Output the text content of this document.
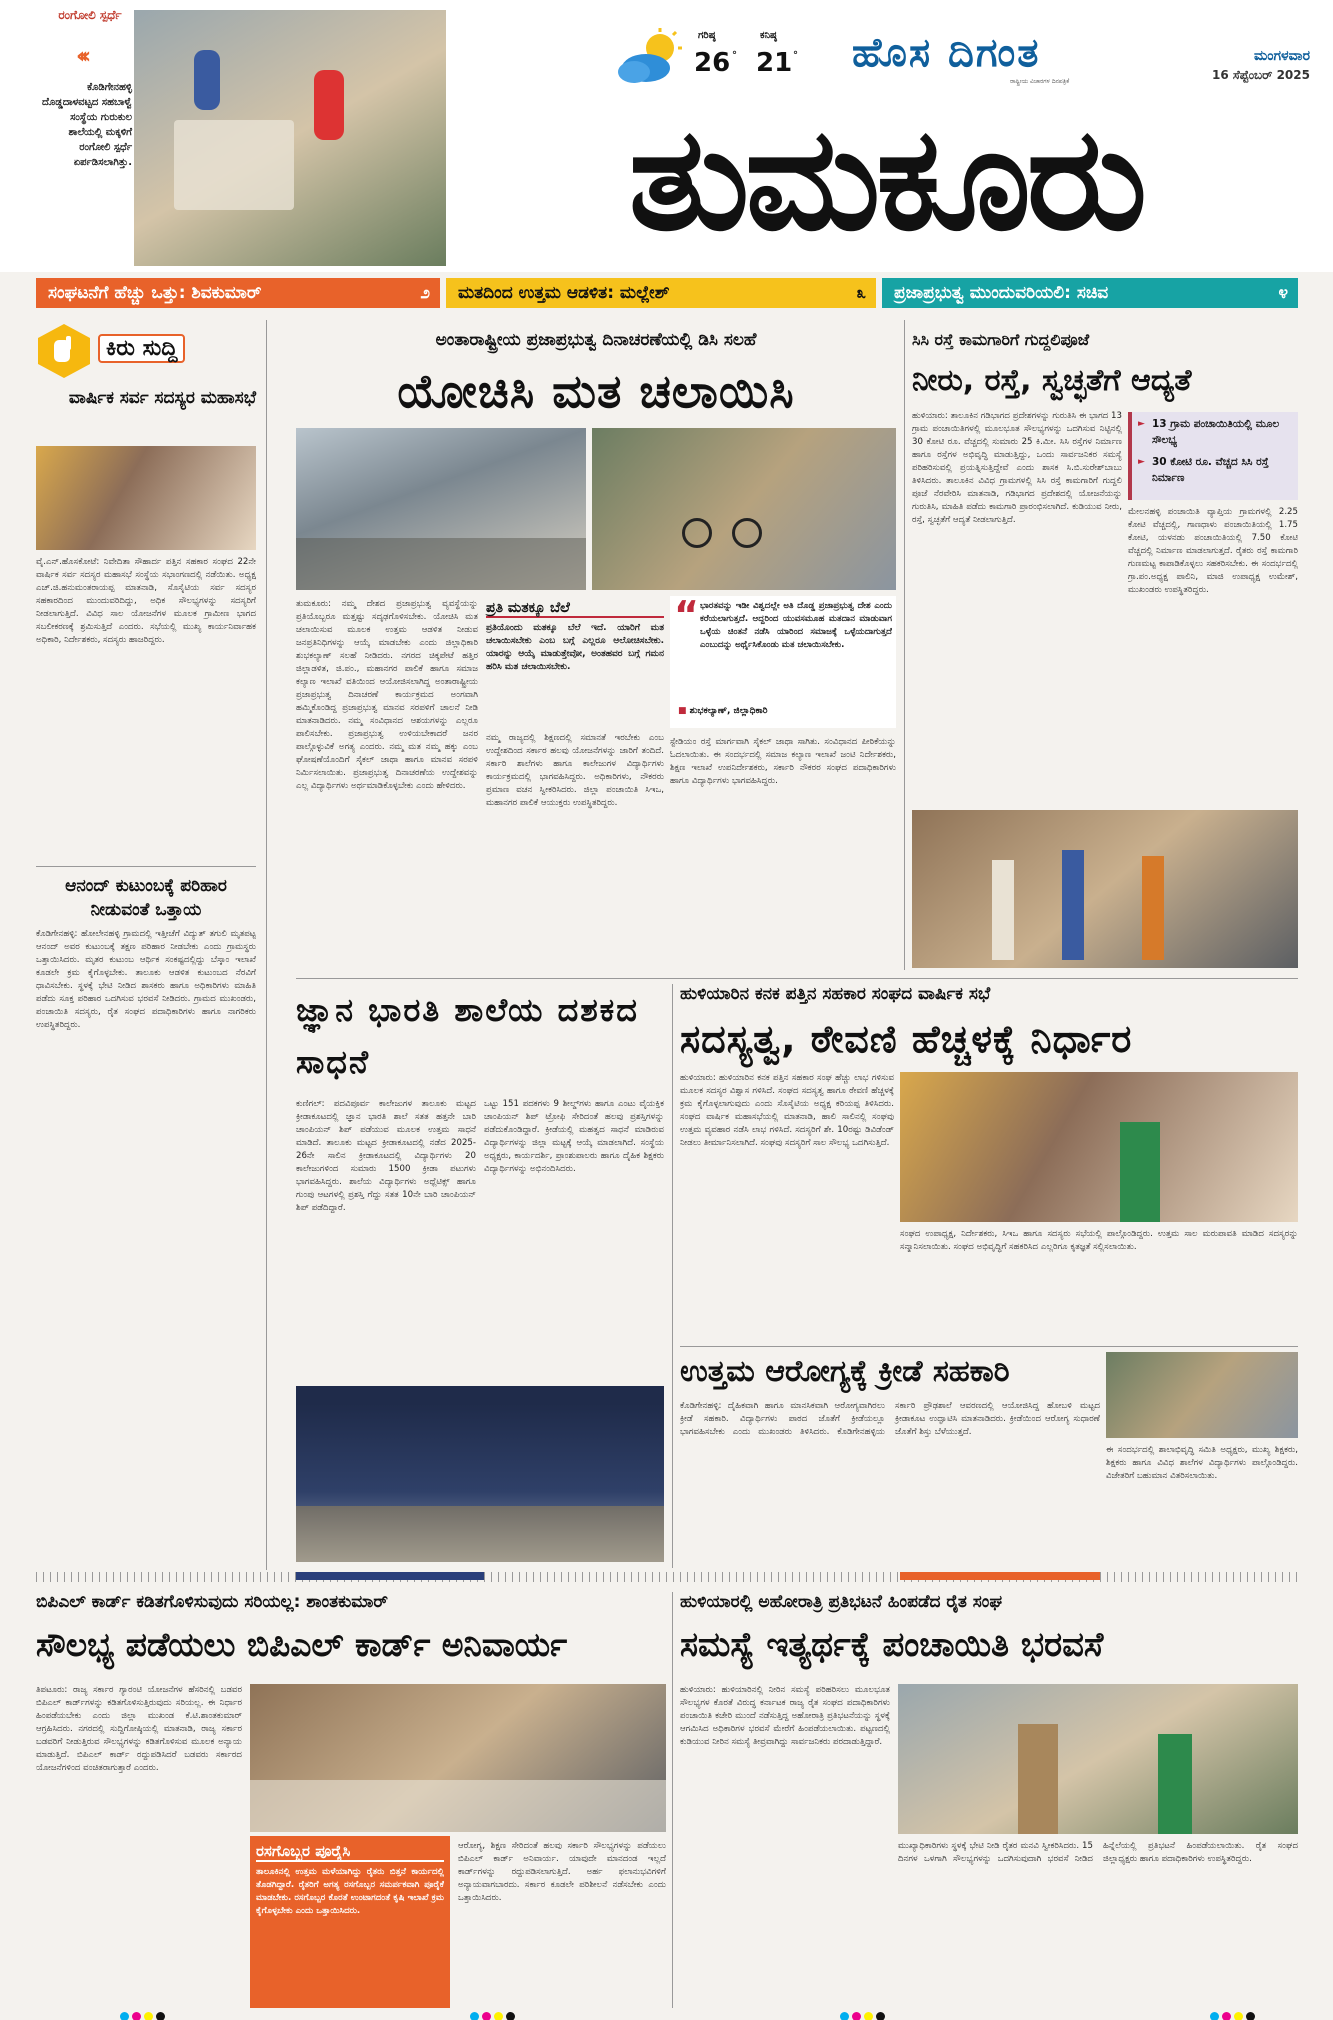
ರಂಗೋಲಿ ಸ್ಪರ್ಧೆ
‹‹‹
ಕೊಡಿಗೇನಹಳ್ಳಿ ದೊಡ್ಡದಾಳವಟ್ಟದ ಸಹಬಾಳ್ವೆ ಸಂಸ್ಥೆಯ ಗುರುಕುಲ ಶಾಲೆಯಲ್ಲಿ ಮಕ್ಕಳಿಗೆ ರಂಗೋಲಿ ಸ್ಪರ್ಧೆ ಏರ್ಪಡಿಸಲಾಗಿತ್ತು.
ಗರಿಷ್ಠ
26 °
ಕನಿಷ್ಠ
21 ° ಹೊಸ ದಿಗಂತ
ರಾಷ್ಟ್ರೀಯ ವಿಚಾರಗಳ ದಿನಪತ್ರಿಕೆ
ಮಂಗಳವಾರ
16 ಸೆಪ್ಟೆಂಬರ್ 2025
ತುಮಕೂರು
ಸಂಘಟನೆಗೆ ಹೆಚ್ಚು ಒತ್ತು: ಶಿವಕುಮಾರ್	೨ ಮತದಿಂದ ಉತ್ತಮ ಆಡಳಿತ: ಮಲ್ಲೇಶ್	೩ ಪ್ರಜಾಪ್ರಭುತ್ವ ಮುಂದುವರಿಯಲಿ: ಸಚಿವ	೪
ಕಿರು ಸುದ್ದಿ
ವಾರ್ಷಿಕ ಸರ್ವ ಸದಸ್ಯರ ಮಹಾಸಭೆ
ವೈ.ಎನ್.ಹೊಸಕೋಟೆ: ನಿವೇದಿತಾ ಸೌಹಾರ್ದ ಪತ್ತಿನ ಸಹಕಾರ ಸಂಘದ 22ನೇ ವಾರ್ಷಿಕ ಸರ್ವ ಸದಸ್ಯರ ಮಹಾಸಭೆ ಸಂಸ್ಥೆಯ ಸಭಾಂಗಣದಲ್ಲಿ ನಡೆಯಿತು. ಅಧ್ಯಕ್ಷ ಎಚ್.ಜಿ.ಹನುಮಂತರಾಯಪ್ಪ ಮಾತನಾಡಿ, ಸೊಸೈಟಿಯ ಸರ್ವ ಸದಸ್ಯರ ಸಹಕಾರದಿಂದ ಮುಂದುವರಿದಿದ್ದು, ಅಧಿಕ ಸೌಲಭ್ಯಗಳನ್ನು ಸದಸ್ಯರಿಗೆ ನೀಡಲಾಗುತ್ತಿದೆ. ವಿವಿಧ ಸಾಲ ಯೋಜನೆಗಳ ಮೂಲಕ ಗ್ರಾಮೀಣ ಭಾಗದ ಸಬಲೀಕರಣಕ್ಕೆ ಶ್ರಮಿಸುತ್ತಿದೆ ಎಂದರು. ಸಭೆಯಲ್ಲಿ ಮುಖ್ಯ ಕಾರ್ಯನಿರ್ವಾಹಕ ಅಧಿಕಾರಿ, ನಿರ್ದೇಶಕರು, ಸದಸ್ಯರು ಹಾಜರಿದ್ದರು.
ಆನಂದ್ ಕುಟುಂಬಕ್ಕೆ ಪರಿಹಾರ ನೀಡುವಂತೆ ಒತ್ತಾಯ
ಕೊಡಿಗೇನಹಳ್ಳಿ: ಹೋಲೇನಹಳ್ಳಿ ಗ್ರಾಮದಲ್ಲಿ ಇತ್ತೀಚೆಗೆ ವಿದ್ಯುತ್ ತಗುಲಿ ಮೃತಪಟ್ಟ ಆನಂದ್ ಅವರ ಕುಟುಂಬಕ್ಕೆ ತಕ್ಷಣ ಪರಿಹಾರ ನೀಡಬೇಕು ಎಂದು ಗ್ರಾಮಸ್ಥರು ಒತ್ತಾಯಿಸಿದರು. ಮೃತರ ಕುಟುಂಬ ಆರ್ಥಿಕ ಸಂಕಷ್ಟದಲ್ಲಿದ್ದು ಬೆಸ್ಕಾಂ ಇಲಾಖೆ ಕೂಡಲೇ ಕ್ರಮ ಕೈಗೊಳ್ಳಬೇಕು. ತಾಲೂಕು ಆಡಳಿತ ಕುಟುಂಬದ ನೆರವಿಗೆ ಧಾವಿಸಬೇಕು. ಸ್ಥಳಕ್ಕೆ ಭೇಟಿ ನೀಡಿದ ಶಾಸಕರು ಹಾಗೂ ಅಧಿಕಾರಿಗಳು ಮಾಹಿತಿ ಪಡೆದು ಸೂಕ್ತ ಪರಿಹಾರ ಒದಗಿಸುವ ಭರವಸೆ ನೀಡಿದರು. ಗ್ರಾಮದ ಮುಖಂಡರು, ಪಂಚಾಯಿತಿ ಸದಸ್ಯರು, ರೈತ ಸಂಘದ ಪದಾಧಿಕಾರಿಗಳು ಹಾಗೂ ನಾಗರಿಕರು ಉಪಸ್ಥಿತರಿದ್ದರು.
ಅಂತಾರಾಷ್ಟ್ರೀಯ ಪ್ರಜಾಪ್ರಭುತ್ವ ದಿನಾಚರಣೆಯಲ್ಲಿ ಡಿಸಿ ಸಲಹೆ
ಯೋಚಿಸಿ ಮತ ಚಲಾಯಿಸಿ
ತುಮಕೂರು: ನಮ್ಮ ದೇಶದ ಪ್ರಜಾಪ್ರಭುತ್ವ ವ್ಯವಸ್ಥೆಯನ್ನು ಪ್ರತಿಯೊಬ್ಬರೂ ಮತ್ತಷ್ಟು ಸದೃಢಗೊಳಿಸಬೇಕು. ಯೋಚಿಸಿ ಮತ ಚಲಾಯಿಸುವ ಮೂಲಕ ಉತ್ತಮ ಆಡಳಿತ ನೀಡುವ ಜನಪ್ರತಿನಿಧಿಗಳನ್ನು ಆಯ್ಕೆ ಮಾಡಬೇಕು ಎಂದು ಜಿಲ್ಲಾಧಿಕಾರಿ ಶುಭಕಲ್ಯಾಣ್ ಸಲಹೆ ನೀಡಿದರು. ನಗರದ ಚಿಕ್ಕಪೇಟೆ ಹತ್ತಿರ ಜಿಲ್ಲಾಡಳಿತ, ಜಿ.ಪಂ., ಮಹಾನಗರ ಪಾಲಿಕೆ ಹಾಗೂ ಸಮಾಜ ಕಲ್ಯಾಣ ಇಲಾಖೆ ವತಿಯಿಂದ ಆಯೋಜಿಸಲಾಗಿದ್ದ ಅಂತಾರಾಷ್ಟ್ರೀಯ ಪ್ರಜಾಪ್ರಭುತ್ವ ದಿನಾಚರಣೆ ಕಾರ್ಯಕ್ರಮದ ಅಂಗವಾಗಿ ಹಮ್ಮಿಕೊಂಡಿದ್ದ ಪ್ರಜಾಪ್ರಭುತ್ವ ಮಾನವ ಸರಪಳಿಗೆ ಚಾಲನೆ ನೀಡಿ ಮಾತನಾಡಿದರು. ನಮ್ಮ ಸಂವಿಧಾನದ ಆಶಯಗಳನ್ನು ಎಲ್ಲರೂ ಪಾಲಿಸಬೇಕು. ಪ್ರಜಾಪ್ರಭುತ್ವ ಉಳಿಯಬೇಕಾದರೆ ಜನರ ಪಾಲ್ಗೊಳ್ಳುವಿಕೆ ಅಗತ್ಯ ಎಂದರು. ನಮ್ಮ ಮತ ನಮ್ಮ ಹಕ್ಕು ಎಂಬ ಘೋಷಣೆಯೊಂದಿಗೆ ಸೈಕಲ್ ಜಾಥಾ ಹಾಗೂ ಮಾನವ ಸರಪಳಿ ನಿರ್ಮಿಸಲಾಯಿತು. ಪ್ರಜಾಪ್ರಭುತ್ವ ದಿನಾಚರಣೆಯ ಉದ್ದೇಶವನ್ನು ಎಲ್ಲ ವಿದ್ಯಾರ್ಥಿಗಳು ಅರ್ಥಮಾಡಿಕೊಳ್ಳಬೇಕು ಎಂದು ಹೇಳಿದರು.
ಪ್ರತಿ ಮತಕ್ಕೂ ಬೆಲೆ
ಪ್ರತಿಯೊಂದು ಮತಕ್ಕೂ ಬೆಲೆ ಇದೆ. ಯಾರಿಗೆ ಮತ ಚಲಾಯಿಸಬೇಕು ಎಂಬ ಬಗ್ಗೆ ಎಲ್ಲರೂ ಆಲೋಚಿಸಬೇಕು. ಯಾರನ್ನು ಆಯ್ಕೆ ಮಾಡುತ್ತೇವೋ, ಅಂತಹವರ ಬಗ್ಗೆ ಗಮನ ಹರಿಸಿ ಮತ ಚಲಾಯಿಸಬೇಕು.
“ ಭಾರತವನ್ನು ಇಡೀ ವಿಶ್ವದಲ್ಲೇ ಅತಿ ದೊಡ್ಡ ಪ್ರಜಾಪ್ರಭುತ್ವ ದೇಶ ಎಂದು ಕರೆಯಲಾಗುತ್ತದೆ. ಆದ್ದರಿಂದ ಯುವಸಮೂಹ ಮತದಾನ ಮಾಡುವಾಗ ಒಳ್ಳೆಯ ಚಿಂತನೆ ನಡೆಸಿ ಯಾರಿಂದ ಸಮಾಜಕ್ಕೆ ಒಳ್ಳೆಯದಾಗುತ್ತದೆ ಎಂಬುದನ್ನು ಅರ್ಥೈಸಿಕೊಂಡು ಮತ ಚಲಾಯಿಸಬೇಕು.
■ ಶುಭಕಲ್ಯಾಣ್, ಜಿಲ್ಲಾಧಿಕಾರಿ
ನಮ್ಮ ರಾಜ್ಯದಲ್ಲಿ ಶಿಕ್ಷಣದಲ್ಲಿ ಸಮಾನತೆ ಇರಬೇಕು ಎಂಬ ಉದ್ದೇಶದಿಂದ ಸರ್ಕಾರ ಹಲವು ಯೋಜನೆಗಳನ್ನು ಜಾರಿಗೆ ತಂದಿದೆ. ಸರ್ಕಾರಿ ಶಾಲೆಗಳು ಹಾಗೂ ಕಾಲೇಜುಗಳ ವಿದ್ಯಾರ್ಥಿಗಳು ಕಾರ್ಯಕ್ರಮದಲ್ಲಿ ಭಾಗವಹಿಸಿದ್ದರು. ಅಧಿಕಾರಿಗಳು, ನೌಕರರು ಪ್ರಮಾಣ ವಚನ ಸ್ವೀಕರಿಸಿದರು. ಜಿಲ್ಲಾ ಪಂಚಾಯಿತಿ ಸಿಇಒ, ಮಹಾನಗರ ಪಾಲಿಕೆ ಆಯುಕ್ತರು ಉಪಸ್ಥಿತರಿದ್ದರು.
ಸ್ಟೇಡಿಯಂ ರಸ್ತೆ ಮಾರ್ಗವಾಗಿ ಸೈಕಲ್ ಜಾಥಾ ಸಾಗಿತು. ಸಂವಿಧಾನದ ಪೀಠಿಕೆಯನ್ನು ಓದಲಾಯಿತು. ಈ ಸಂದರ್ಭದಲ್ಲಿ ಸಮಾಜ ಕಲ್ಯಾಣ ಇಲಾಖೆ ಜಂಟಿ ನಿರ್ದೇಶಕರು, ಶಿಕ್ಷಣ ಇಲಾಖೆ ಉಪನಿರ್ದೇಶಕರು, ಸರ್ಕಾರಿ ನೌಕರರ ಸಂಘದ ಪದಾಧಿಕಾರಿಗಳು ಹಾಗೂ ವಿದ್ಯಾರ್ಥಿಗಳು ಭಾಗವಹಿಸಿದ್ದರು.
ಸಿಸಿ ರಸ್ತೆ ಕಾಮಗಾರಿಗೆ ಗುದ್ದಲಿಪೂಜೆ
ನೀರು, ರಸ್ತೆ, ಸ್ವಚ್ಛತೆಗೆ ಆದ್ಯತೆ
ಹುಳಿಯಾರು: ತಾಲೂಕಿನ ಗಡಿಭಾಗದ ಪ್ರದೇಶಗಳನ್ನು ಗುರುತಿಸಿ ಈ ಭಾಗದ 13 ಗ್ರಾಮ ಪಂಚಾಯಿತಿಗಳಲ್ಲಿ ಮೂಲಭೂತ ಸೌಲಭ್ಯಗಳನ್ನು ಒದಗಿಸುವ ನಿಟ್ಟಿನಲ್ಲಿ 30 ಕೋಟಿ ರೂ. ವೆಚ್ಚದಲ್ಲಿ ಸುಮಾರು 25 ಕಿ.ಮೀ. ಸಿಸಿ ರಸ್ತೆಗಳ ನಿರ್ಮಾಣ ಹಾಗೂ ರಸ್ತೆಗಳ ಅಭಿವೃದ್ಧಿ ಮಾಡುತ್ತಿದ್ದು, ಒಂದು ಸಾರ್ವಜನಿಕರ ಸಮಸ್ಯೆ ಪರಿಹರಿಸುವಲ್ಲಿ ಪ್ರಯತ್ನಿಸುತ್ತಿದ್ದೇವೆ ಎಂದು ಶಾಸಕ ಸಿ.ಬಿ.ಸುರೇಶ್‌ಬಾಬು ತಿಳಿಸಿದರು. ತಾಲೂಕಿನ ವಿವಿಧ ಗ್ರಾಮಗಳಲ್ಲಿ ಸಿಸಿ ರಸ್ತೆ ಕಾಮಗಾರಿಗೆ ಗುದ್ದಲಿ ಪೂಜೆ ನೆರವೇರಿಸಿ ಮಾತನಾಡಿ, ಗಡಿಭಾಗದ ಪ್ರದೇಶದಲ್ಲಿ ಯೋಜನೆಯನ್ನು ಗುರುತಿಸಿ, ಮಾಹಿತಿ ಪಡೆದು ಕಾಮಗಾರಿ ಪ್ರಾರಂಭಿಸಲಾಗಿದೆ. ಕುಡಿಯುವ ನೀರು, ರಸ್ತೆ, ಸ್ವಚ್ಛತೆಗೆ ಆದ್ಯತೆ ನೀಡಲಾಗುತ್ತಿದೆ.
► 13 ಗ್ರಾಮ ಪಂಚಾಯಿತಿಯಲ್ಲಿ ಮೂಲ ಸೌಲಭ್ಯ
► 30 ಕೋಟಿ ರೂ. ವೆಚ್ಚದ ಸಿಸಿ ರಸ್ತೆ ನಿರ್ಮಾಣ
ಮೇಲನಹಳ್ಳಿ ಪಂಚಾಯಿತಿ ವ್ಯಾಪ್ತಿಯ ಗ್ರಾಮಗಳಲ್ಲಿ 2.25 ಕೋಟಿ ವೆಚ್ಚದಲ್ಲಿ, ಗಾಣಧಾಳು ಪಂಚಾಯಿತಿಯಲ್ಲಿ 1.75 ಕೋಟಿ, ಯಳನಡು ಪಂಚಾಯಿತಿಯಲ್ಲಿ 7.50 ಕೋಟಿ ವೆಚ್ಚದಲ್ಲಿ ನಿರ್ಮಾಣ ಮಾಡಲಾಗುತ್ತದೆ. ರೈತರು ರಸ್ತೆ ಕಾಮಗಾರಿ ಗುಣಮಟ್ಟ ಕಾಪಾಡಿಕೊಳ್ಳಲು ಸಹಕರಿಸಬೇಕು. ಈ ಸಂದರ್ಭದಲ್ಲಿ ಗ್ರಾ.ಪಂ.ಅಧ್ಯಕ್ಷ ಪಾಲಿನಿ, ಮಾಜಿ ಉಪಾಧ್ಯಕ್ಷ ಉಮೇಶ್, ಮುಖಂಡರು ಉಪಸ್ಥಿತರಿದ್ದರು.
ಜ್ಞಾನ ಭಾರತಿ ಶಾಲೆಯ ದಶಕದ ಸಾಧನೆ
ಕುಣಿಗಲ್: ಪದವಿಪೂರ್ವ ಕಾಲೇಜುಗಳ ತಾಲೂಕು ಮಟ್ಟದ ಕ್ರೀಡಾಕೂಟದಲ್ಲಿ ಜ್ಞಾನ ಭಾರತಿ ಶಾಲೆ ಸತತ ಹತ್ತನೇ ಬಾರಿ ಚಾಂಪಿಯನ್ ಶಿಪ್ ಪಡೆಯುವ ಮೂಲಕ ಉತ್ತಮ ಸಾಧನೆ ಮಾಡಿದೆ. ತಾಲೂಕು ಮಟ್ಟದ ಕ್ರೀಡಾಕೂಟದಲ್ಲಿ ನಡೆದ 2025-26ನೇ ಸಾಲಿನ ಕ್ರೀಡಾಕೂಟದಲ್ಲಿ ವಿದ್ಯಾರ್ಥಿಗಳು 20 ಕಾಲೇಜುಗಳಿಂದ ಸುಮಾರು 1500 ಕ್ರೀಡಾ ಪಟುಗಳು ಭಾಗವಹಿಸಿದ್ದರು. ಶಾಲೆಯ ವಿದ್ಯಾರ್ಥಿಗಳು ಅಥ್ಲೆಟಿಕ್ಸ್ ಹಾಗೂ ಗುಂಪು ಆಟಗಳಲ್ಲಿ ಪ್ರಶಸ್ತಿ ಗೆದ್ದು ಸತತ 10ನೇ ಬಾರಿ ಚಾಂಪಿಯನ್ ಶಿಪ್ ಪಡೆದಿದ್ದಾರೆ.
ಒಟ್ಟು 151 ಪದಕಗಳು 9 ಶೀಲ್ಡ್‌ಗಳು ಹಾಗೂ ಎಂಟು ವೈಯಕ್ತಿಕ ಚಾಂಪಿಯನ್ ಶಿಪ್ ಟ್ರೋಫಿ ಸೇರಿದಂತೆ ಹಲವು ಪ್ರಶಸ್ತಿಗಳನ್ನು ಪಡೆದುಕೊಂಡಿದ್ದಾರೆ. ಕ್ರೀಡೆಯಲ್ಲಿ ಮಹತ್ವದ ಸಾಧನೆ ಮಾಡಿರುವ ವಿದ್ಯಾರ್ಥಿಗಳನ್ನು ಜಿಲ್ಲಾ ಮಟ್ಟಕ್ಕೆ ಆಯ್ಕೆ ಮಾಡಲಾಗಿದೆ. ಸಂಸ್ಥೆಯ ಅಧ್ಯಕ್ಷರು, ಕಾರ್ಯದರ್ಶಿ, ಪ್ರಾಂಶುಪಾಲರು ಹಾಗೂ ದೈಹಿಕ ಶಿಕ್ಷಕರು ವಿದ್ಯಾರ್ಥಿಗಳನ್ನು ಅಭಿನಂದಿಸಿದರು.
ಹುಳಿಯಾರಿನ ಕನಕ ಪತ್ತಿನ ಸಹಕಾರ ಸಂಘದ ವಾರ್ಷಿಕ ಸಭೆ
ಸದಸ್ಯತ್ವ, ಠೇವಣಿ ಹೆಚ್ಚಳಕ್ಕೆ ನಿರ್ಧಾರ
ಹುಳಿಯಾರು: ಹುಳಿಯಾರಿನ ಕನಕ ಪತ್ತಿನ ಸಹಕಾರ ಸಂಘ ಹೆಚ್ಚು ಲಾಭ ಗಳಿಸುವ ಮೂಲಕ ಸದಸ್ಯರ ವಿಶ್ವಾಸ ಗಳಿಸಿದೆ. ಸಂಘದ ಸದಸ್ಯತ್ವ ಹಾಗೂ ಠೇವಣಿ ಹೆಚ್ಚಳಕ್ಕೆ ಕ್ರಮ ಕೈಗೊಳ್ಳಲಾಗುವುದು ಎಂದು ಸೊಸೈಟಿಯ ಅಧ್ಯಕ್ಷ ಕರಿಯಪ್ಪ ತಿಳಿಸಿದರು. ಸಂಘದ ವಾರ್ಷಿಕ ಮಹಾಸಭೆಯಲ್ಲಿ ಮಾತನಾಡಿ, ಹಾಲಿ ಸಾಲಿನಲ್ಲಿ ಸಂಘವು ಉತ್ತಮ ವ್ಯವಹಾರ ನಡೆಸಿ ಲಾಭ ಗಳಿಸಿದೆ. ಸದಸ್ಯರಿಗೆ ಶೇ. 10ರಷ್ಟು ಡಿವಿಡೆಂಡ್ ನೀಡಲು ತೀರ್ಮಾನಿಸಲಾಗಿದೆ. ಸಂಘವು ಸದಸ್ಯರಿಗೆ ಸಾಲ ಸೌಲಭ್ಯ ಒದಗಿಸುತ್ತಿದೆ.
ಸಂಘದ ಉಪಾಧ್ಯಕ್ಷ, ನಿರ್ದೇಶಕರು, ಸಿಇಒ ಹಾಗೂ ಸದಸ್ಯರು ಸಭೆಯಲ್ಲಿ ಪಾಲ್ಗೊಂಡಿದ್ದರು. ಉತ್ತಮ ಸಾಲ ಮರುಪಾವತಿ ಮಾಡಿದ ಸದಸ್ಯರನ್ನು ಸನ್ಮಾನಿಸಲಾಯಿತು. ಸಂಘದ ಅಭಿವೃದ್ಧಿಗೆ ಸಹಕರಿಸಿದ ಎಲ್ಲರಿಗೂ ಕೃತಜ್ಞತೆ ಸಲ್ಲಿಸಲಾಯಿತು.
ಉತ್ತಮ ಆರೋಗ್ಯಕ್ಕೆ ಕ್ರೀಡೆ ಸಹಕಾರಿ
ಕೊಡಿಗೇನಹಳ್ಳಿ: ದೈಹಿಕವಾಗಿ ಹಾಗೂ ಮಾನಸಿಕವಾಗಿ ಆರೋಗ್ಯವಾಗಿರಲು ಕ್ರೀಡೆ ಸಹಕಾರಿ. ವಿದ್ಯಾರ್ಥಿಗಳು ಪಾಠದ ಜೊತೆಗೆ ಕ್ರೀಡೆಯಲ್ಲೂ ಭಾಗವಹಿಸಬೇಕು ಎಂದು ಮುಖಂಡರು ತಿಳಿಸಿದರು. ಕೊಡಿಗೇನಹಳ್ಳಿಯ ಸರ್ಕಾರಿ ಪ್ರೌಢಶಾಲೆ ಆವರಣದಲ್ಲಿ ಆಯೋಜಿಸಿದ್ದ ಹೋಬಳಿ ಮಟ್ಟದ ಕ್ರೀಡಾಕೂಟ ಉದ್ಘಾಟಿಸಿ ಮಾತನಾಡಿದರು. ಕ್ರೀಡೆಯಿಂದ ಆರೋಗ್ಯ ಸುಧಾರಣೆ ಜೊತೆಗೆ ಶಿಸ್ತು ಬೆಳೆಯುತ್ತದೆ.
ಈ ಸಂದರ್ಭದಲ್ಲಿ ಶಾಲಾಭಿವೃದ್ಧಿ ಸಮಿತಿ ಅಧ್ಯಕ್ಷರು, ಮುಖ್ಯ ಶಿಕ್ಷಕರು, ಶಿಕ್ಷಕರು ಹಾಗೂ ವಿವಿಧ ಶಾಲೆಗಳ ವಿದ್ಯಾರ್ಥಿಗಳು ಪಾಲ್ಗೊಂಡಿದ್ದರು. ವಿಜೇತರಿಗೆ ಬಹುಮಾನ ವಿತರಿಸಲಾಯಿತು.
ಬಿಪಿಎಲ್ ಕಾರ್ಡ್ ಕಡಿತಗೊಳಿಸುವುದು ಸರಿಯಲ್ಲ: ಶಾಂತಕುಮಾರ್
ಸೌಲಭ್ಯ ಪಡೆಯಲು ಬಿಪಿಎಲ್ ಕಾರ್ಡ್ ಅನಿವಾರ್ಯ
ತಿಪಟೂರು: ರಾಜ್ಯ ಸರ್ಕಾರ ಗ್ಯಾರಂಟಿ ಯೋಜನೆಗಳ ಹೆಸರಿನಲ್ಲಿ ಬಡವರ ಬಿಪಿಎಲ್ ಕಾರ್ಡ್‌ಗಳನ್ನು ಕಡಿತಗೊಳಿಸುತ್ತಿರುವುದು ಸರಿಯಲ್ಲ. ಈ ನಿರ್ಧಾರ ಹಿಂಪಡೆಯಬೇಕು ಎಂದು ಜಿಲ್ಲಾ ಮುಖಂಡ ಕೆ.ಟಿ.ಶಾಂತಕುಮಾರ್ ಆಗ್ರಹಿಸಿದರು. ನಗರದಲ್ಲಿ ಸುದ್ದಿಗೋಷ್ಠಿಯಲ್ಲಿ ಮಾತನಾಡಿ, ರಾಜ್ಯ ಸರ್ಕಾರ ಬಡವರಿಗೆ ನೀಡುತ್ತಿರುವ ಸೌಲಭ್ಯಗಳನ್ನು ಕಡಿತಗೊಳಿಸುವ ಮೂಲಕ ಅನ್ಯಾಯ ಮಾಡುತ್ತಿದೆ. ಬಿಪಿಎಲ್ ಕಾರ್ಡ್ ರದ್ದುಪಡಿಸಿದರೆ ಬಡವರು ಸರ್ಕಾರದ ಯೋಜನೆಗಳಿಂದ ವಂಚಿತರಾಗುತ್ತಾರೆ ಎಂದರು.
ರಸಗೊಬ್ಬರ ಪೂರೈಸಿ
ತಾಲೂಕಿನಲ್ಲಿ ಉತ್ತಮ ಮಳೆಯಾಗಿದ್ದು ರೈತರು ಬಿತ್ತನೆ ಕಾರ್ಯದಲ್ಲಿ ತೊಡಗಿದ್ದಾರೆ. ರೈತರಿಗೆ ಅಗತ್ಯ ರಸಗೊಬ್ಬರ ಸಮರ್ಪಕವಾಗಿ ಪೂರೈಕೆ ಮಾಡಬೇಕು. ರಸಗೊಬ್ಬರ ಕೊರತೆ ಉಂಟಾಗದಂತೆ ಕೃಷಿ ಇಲಾಖೆ ಕ್ರಮ ಕೈಗೊಳ್ಳಬೇಕು ಎಂದು ಒತ್ತಾಯಿಸಿದರು.
ಆರೋಗ್ಯ, ಶಿಕ್ಷಣ ಸೇರಿದಂತೆ ಹಲವು ಸರ್ಕಾರಿ ಸೌಲಭ್ಯಗಳನ್ನು ಪಡೆಯಲು ಬಿಪಿಎಲ್ ಕಾರ್ಡ್ ಅನಿವಾರ್ಯ. ಯಾವುದೇ ಮಾನದಂಡ ಇಲ್ಲದೆ ಕಾರ್ಡ್‌ಗಳನ್ನು ರದ್ದುಪಡಿಸಲಾಗುತ್ತಿದೆ. ಅರ್ಹ ಫಲಾನುಭವಿಗಳಿಗೆ ಅನ್ಯಾಯವಾಗಬಾರದು. ಸರ್ಕಾರ ಕೂಡಲೇ ಪರಿಶೀಲನೆ ನಡೆಸಬೇಕು ಎಂದು ಒತ್ತಾಯಿಸಿದರು.
ಹುಳಿಯಾರಲ್ಲಿ ಅಹೋರಾತ್ರಿ ಪ್ರತಿಭಟನೆ ಹಿಂಪಡೆದ ರೈತ ಸಂಘ
ಸಮಸ್ಯೆ ಇತ್ಯರ್ಥಕ್ಕೆ ಪಂಚಾಯಿತಿ ಭರವಸೆ
ಹುಳಿಯಾರು: ಹುಳಿಯಾರಿನಲ್ಲಿ ನೀರಿನ ಸಮಸ್ಯೆ ಪರಿಹರಿಸಲು ಮೂಲಭೂತ ಸೌಲಭ್ಯಗಳ ಕೊರತೆ ವಿರುದ್ಧ ಕರ್ನಾಟಕ ರಾಜ್ಯ ರೈತ ಸಂಘದ ಪದಾಧಿಕಾರಿಗಳು ಪಂಚಾಯಿತಿ ಕಚೇರಿ ಮುಂದೆ ನಡೆಸುತ್ತಿದ್ದ ಅಹೋರಾತ್ರಿ ಪ್ರತಿಭಟನೆಯನ್ನು ಸ್ಥಳಕ್ಕೆ ಆಗಮಿಸಿದ ಅಧಿಕಾರಿಗಳ ಭರವಸೆ ಮೇರೆಗೆ ಹಿಂಪಡೆಯಲಾಯಿತು. ಪಟ್ಟಣದಲ್ಲಿ ಕುಡಿಯುವ ನೀರಿನ ಸಮಸ್ಯೆ ತೀವ್ರವಾಗಿದ್ದು ಸಾರ್ವಜನಿಕರು ಪರದಾಡುತ್ತಿದ್ದಾರೆ.
ಮುಖ್ಯಾಧಿಕಾರಿಗಳು ಸ್ಥಳಕ್ಕೆ ಭೇಟಿ ನೀಡಿ ರೈತರ ಮನವಿ ಸ್ವೀಕರಿಸಿದರು. 15 ದಿನಗಳ ಒಳಗಾಗಿ ಸೌಲಭ್ಯಗಳನ್ನು ಒದಗಿಸುವುದಾಗಿ ಭರವಸೆ ನೀಡಿದ ಹಿನ್ನೆಲೆಯಲ್ಲಿ ಪ್ರತಿಭಟನೆ ಹಿಂಪಡೆಯಲಾಯಿತು. ರೈತ ಸಂಘದ ಜಿಲ್ಲಾಧ್ಯಕ್ಷರು ಹಾಗೂ ಪದಾಧಿಕಾರಿಗಳು ಉಪಸ್ಥಿತರಿದ್ದರು.
